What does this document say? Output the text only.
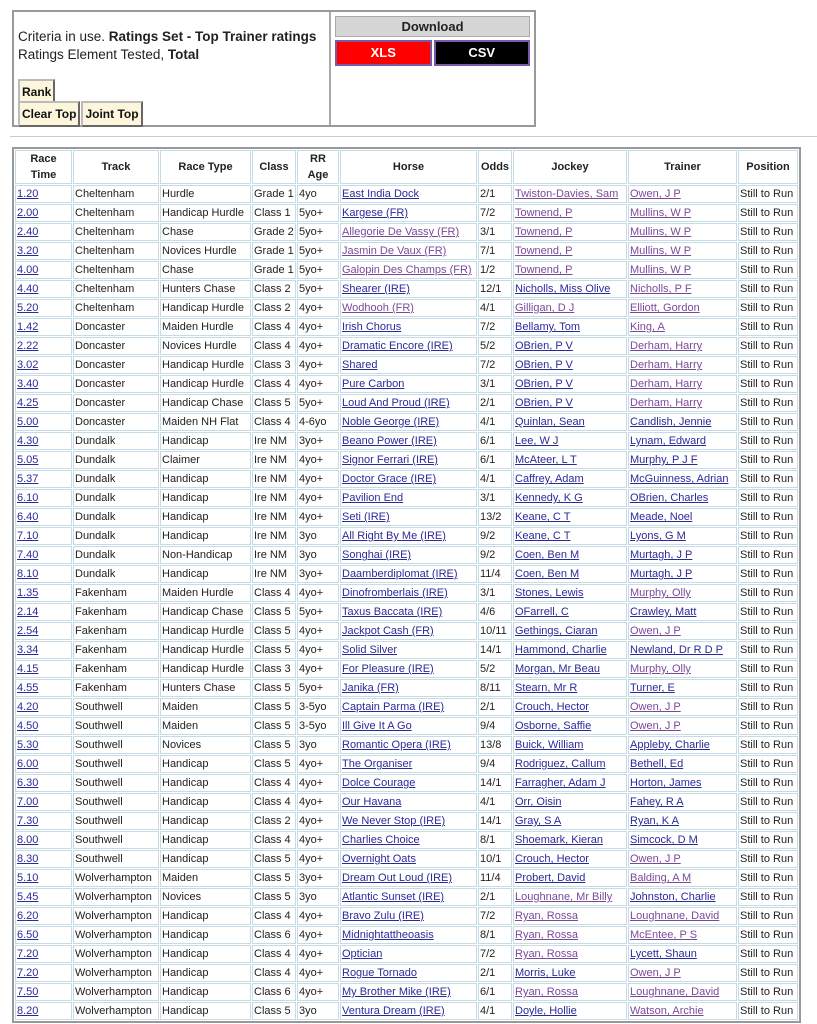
Criteria in use. Ratings Set - Top Trainer ratings
Ratings Element Tested, Total
Rank
Clear Top Joint Top
Download
XLS	CSV
Race Time	Track	Race Type	Class	RR Age	Horse	Odds	Jockey	Trainer	Position
1.20	Cheltenham	Hurdle	Grade 1	4yo	East India Dock	2/1	Twiston-Davies, Sam	Owen, J P	Still to Run
2.00	Cheltenham	Handicap Hurdle	Class 1	5yo+	Kargese (FR)	7/2	Townend, P	Mullins, W P	Still to Run
2.40	Cheltenham	Chase	Grade 2	5yo+	Allegorie De Vassy (FR)	3/1	Townend, P	Mullins, W P	Still to Run
3.20	Cheltenham	Novices Hurdle	Grade 1	5yo+	Jasmin De Vaux (FR)	7/1	Townend, P	Mullins, W P	Still to Run
4.00	Cheltenham	Chase	Grade 1	5yo+	Galopin Des Champs (FR)	1/2	Townend, P	Mullins, W P	Still to Run
4.40	Cheltenham	Hunters Chase	Class 2	5yo+	Shearer (IRE)	12/1	Nicholls, Miss Olive	Nicholls, P F	Still to Run
5.20	Cheltenham	Handicap Hurdle	Class 2	4yo+	Wodhooh (FR)	4/1	Gilligan, D J	Elliott, Gordon	Still to Run
1.42	Doncaster	Maiden Hurdle	Class 4	4yo+	Irish Chorus	7/2	Bellamy, Tom	King, A	Still to Run
2.22	Doncaster	Novices Hurdle	Class 4	4yo+	Dramatic Encore (IRE)	5/2	OBrien, P V	Derham, Harry	Still to Run
3.02	Doncaster	Handicap Hurdle	Class 3	4yo+	Shared	7/2	OBrien, P V	Derham, Harry	Still to Run
3.40	Doncaster	Handicap Hurdle	Class 4	4yo+	Pure Carbon	3/1	OBrien, P V	Derham, Harry	Still to Run
4.25	Doncaster	Handicap Chase	Class 5	5yo+	Loud And Proud (IRE)	2/1	OBrien, P V	Derham, Harry	Still to Run
5.00	Doncaster	Maiden NH Flat	Class 4	4-6yo	Noble George (IRE)	4/1	Quinlan, Sean	Candlish, Jennie	Still to Run
4.30	Dundalk	Handicap	Ire NM	3yo+	Beano Power (IRE)	6/1	Lee, W J	Lynam, Edward	Still to Run
5.05	Dundalk	Claimer	Ire NM	4yo+	Signor Ferrari (IRE)	6/1	McAteer, L T	Murphy, P J F	Still to Run
5.37	Dundalk	Handicap	Ire NM	4yo+	Doctor Grace (IRE)	4/1	Caffrey, Adam	McGuinness, Adrian	Still to Run
6.10	Dundalk	Handicap	Ire NM	4yo+	Pavilion End	3/1	Kennedy, K G	OBrien, Charles	Still to Run
6.40	Dundalk	Handicap	Ire NM	4yo+	Seti (IRE)	13/2	Keane, C T	Meade, Noel	Still to Run
7.10	Dundalk	Handicap	Ire NM	3yo	All Right By Me (IRE)	9/2	Keane, C T	Lyons, G M	Still to Run
7.40	Dundalk	Non-Handicap	Ire NM	3yo	Songhai (IRE)	9/2	Coen, Ben M	Murtagh, J P	Still to Run
8.10	Dundalk	Handicap	Ire NM	3yo+	Daamberdiplomat (IRE)	11/4	Coen, Ben M	Murtagh, J P	Still to Run
1.35	Fakenham	Maiden Hurdle	Class 4	4yo+	Dinofromberlais (IRE)	3/1	Stones, Lewis	Murphy, Olly	Still to Run
2.14	Fakenham	Handicap Chase	Class 5	5yo+	Taxus Baccata (IRE)	4/6	OFarrell, C	Crawley, Matt	Still to Run
2.54	Fakenham	Handicap Hurdle	Class 5	4yo+	Jackpot Cash (FR)	10/11	Gethings, Ciaran	Owen, J P	Still to Run
3.34	Fakenham	Handicap Hurdle	Class 5	4yo+	Solid Silver	14/1	Hammond, Charlie	Newland, Dr R D P	Still to Run
4.15	Fakenham	Handicap Hurdle	Class 3	4yo+	For Pleasure (IRE)	5/2	Morgan, Mr Beau	Murphy, Olly	Still to Run
4.55	Fakenham	Hunters Chase	Class 5	5yo+	Janika (FR)	8/11	Stearn, Mr R	Turner, E	Still to Run
4.20	Southwell	Maiden	Class 5	3-5yo	Captain Parma (IRE)	2/1	Crouch, Hector	Owen, J P	Still to Run
4.50	Southwell	Maiden	Class 5	3-5yo	Ill Give It A Go	9/4	Osborne, Saffie	Owen, J P	Still to Run
5.30	Southwell	Novices	Class 5	3yo	Romantic Opera (IRE)	13/8	Buick, William	Appleby, Charlie	Still to Run
6.00	Southwell	Handicap	Class 5	4yo+	The Organiser	9/4	Rodriguez, Callum	Bethell, Ed	Still to Run
6.30	Southwell	Handicap	Class 4	4yo+	Dolce Courage	14/1	Farragher, Adam J	Horton, James	Still to Run
7.00	Southwell	Handicap	Class 4	4yo+	Our Havana	4/1	Orr, Oisin	Fahey, R A	Still to Run
7.30	Southwell	Handicap	Class 2	4yo+	We Never Stop (IRE)	14/1	Gray, S A	Ryan, K A	Still to Run
8.00	Southwell	Handicap	Class 4	4yo+	Charlies Choice	8/1	Shoemark, Kieran	Simcock, D M	Still to Run
8.30	Southwell	Handicap	Class 5	4yo+	Overnight Oats	10/1	Crouch, Hector	Owen, J P	Still to Run
5.10	Wolverhampton	Maiden	Class 5	3yo+	Dream Out Loud (IRE)	11/4	Probert, David	Balding, A M	Still to Run
5.45	Wolverhampton	Novices	Class 5	3yo	Atlantic Sunset (IRE)	2/1	Loughnane, Mr Billy	Johnston, Charlie	Still to Run
6.20	Wolverhampton	Handicap	Class 4	4yo+	Bravo Zulu (IRE)	7/2	Ryan, Rossa	Loughnane, David	Still to Run
6.50	Wolverhampton	Handicap	Class 6	4yo+	Midnightattheoasis	8/1	Ryan, Rossa	McEntee, P S	Still to Run
7.20	Wolverhampton	Handicap	Class 4	4yo+	Optician	7/2	Ryan, Rossa	Lycett, Shaun	Still to Run
7.20	Wolverhampton	Handicap	Class 4	4yo+	Rogue Tornado	2/1	Morris, Luke	Owen, J P	Still to Run
7.50	Wolverhampton	Handicap	Class 6	4yo+	My Brother Mike (IRE)	6/1	Ryan, Rossa	Loughnane, David	Still to Run
8.20	Wolverhampton	Handicap	Class 5	3yo	Ventura Dream (IRE)	4/1	Doyle, Hollie	Watson, Archie	Still to Run
